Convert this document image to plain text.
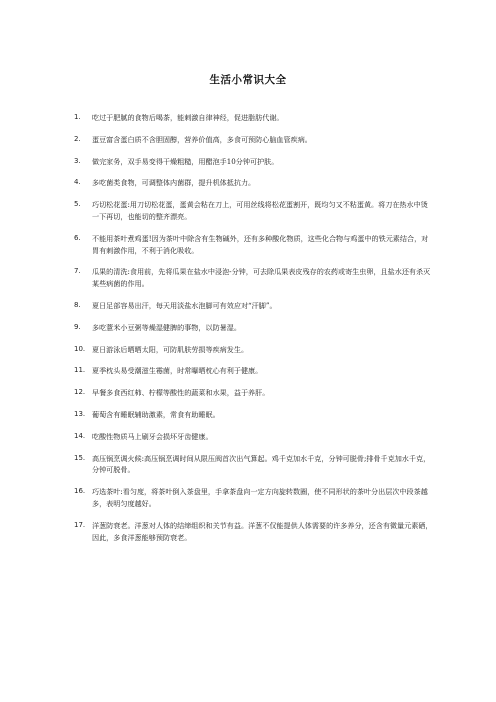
生活小常识大全
1. 吃过于肥腻的食物后喝茶，能刺激自律神经，促进脂肪代谢。
2. 蛋豆富含蛋白质不含胆固醇，营养价值高，多食可预防心脑血管疾病。
3. 做完家务，双手易变得干燥粗糙，用醋泡手10分钟可护肤。
4. 多吃菌类食物，可调整体内菌群，提升机体抵抗力。
5. 巧切松花蛋:用刀切松花蛋，蛋黄会粘在刀上，可用丝线将松花蛋割开，既均匀又不粘蛋黄。将刀在热水中烫一下再切，也能切的整齐漂亮。
6. 不能用茶叶煮鸡蛋!因为茶叶中除含有生物碱外，还有多种酸化物质，这些化合物与鸡蛋中的铁元素结合，对胃有刺激作用，不利于消化吸收。
7. 瓜果的清洗:食用前，先将瓜果在盐水中浸泡-分钟，可去除瓜果表皮残存的农药或寄生虫卵，且盐水还有杀灭某些病菌的作用。
8. 夏日足部容易出汗，每天用淡盐水泡脚可有效应对“汗脚”。
9. 多吃薏米小豆粥等燥湿健脾的事物，以防暑湿。
10. 夏日游泳后晒晒太阳，可防肌肤劳损等疾病发生。
11. 夏季枕头易受潮滋生霉菌，时常曝晒枕心有利于健康。
12. 早餐多食西红柿、柠檬等酸性的蔬菜和水果，益于养肝。
13. 葡萄含有睡眠辅助激素，常食有助睡眠。
14. 吃酸性物质马上刷牙会损坏牙齿健康。
15. 高压锅烹调火候:高压锅烹调时间从限压阀首次出气算起。鸡千克加水千克，分钟可脱骨;排骨千克加水千克，分钟可脱骨。
16. 巧选茶叶:看匀度，将茶叶倒入茶盘里，手拿茶盘向一定方向旋转数圈，使不同形状的茶叶分出层次中段茶越多，表明匀度越好。
17. 洋葱防衰老。洋葱对人体的结缔组织和关节有益。洋葱不仅能提供人体需要的许多养分，还含有微量元素硒，因此，多食洋葱能够预防衰老。
